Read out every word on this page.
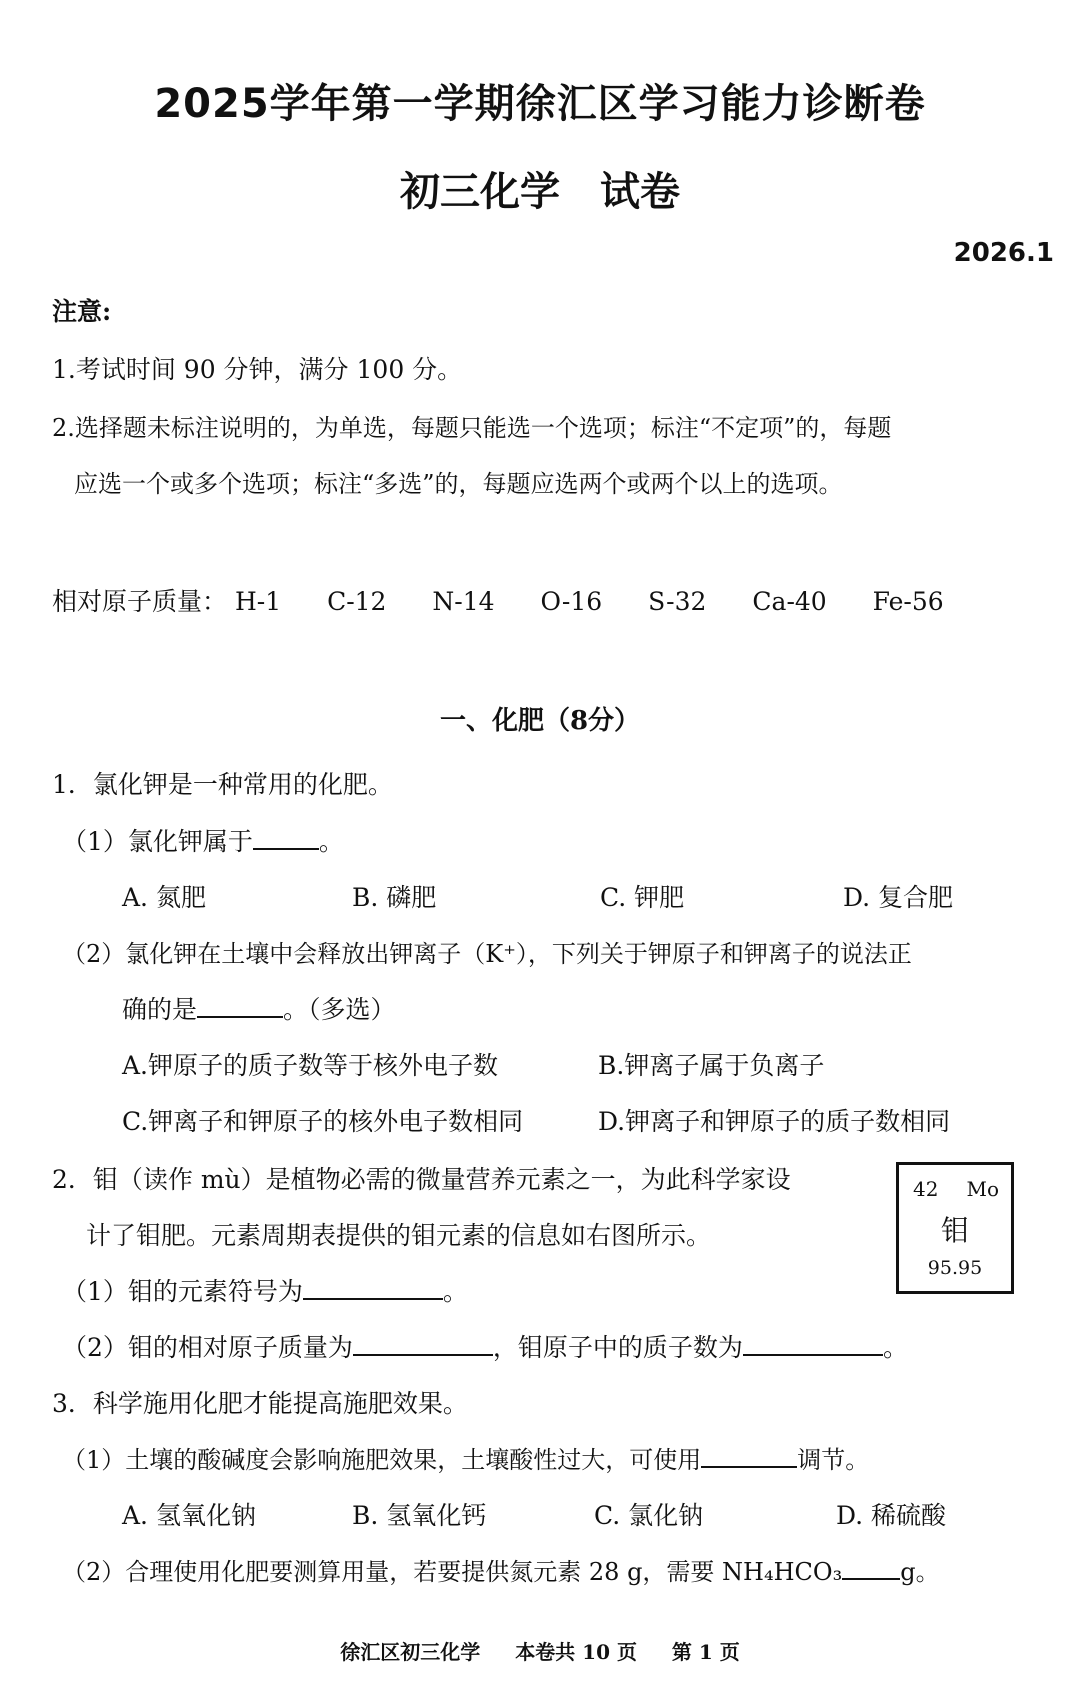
2025学年第一学期徐汇区学习能力诊断卷
初三化学　试卷
2026.1
注意:
1.考试时间 90 分钟，满分 100 分。
2.选择题未标注说明的，为单选，每题只能选一个选项；标注“不定项”的，每题
应选一个或多个选项；标注“多选”的，每题应选两个或两个以上的选项。
相对原子质量： H-1 C-12 N-14 O-16 S-32 Ca-40 Fe-56
一、化肥（8分）
1．氯化钾是一种常用的化肥。
（1）氯化钾属于	。
A. 氮肥	B. 磷肥	C. 钾肥	D. 复合肥
（2）氯化钾在土壤中会释放出钾离子（K⁺），下列关于钾原子和钾离子的说法正
确的是	。（多选）
A.钾原子的质子数等于核外电子数	B.钾离子属于负离子
C.钾离子和钾原子的核外电子数相同	D.钾离子和钾原子的质子数相同
2．钼（读作 mù）是植物必需的微量营养元素之一，为此科学家设
计了钼肥。元素周期表提供的钼元素的信息如右图所示。
42 Mo
钼
95.95
（1）钼的元素符号为	。
（2）钼的相对原子质量为	，钼原子中的质子数为	。
3．科学施用化肥才能提高施肥效果。
（1）土壤的酸碱度会影响施肥效果，土壤酸性过大，可使用	调节。
A. 氢氧化钠	B. 氢氧化钙	C. 氯化钠	D. 稀硫酸
（2）合理使用化肥要测算用量，若要提供氮元素 28 g，需要 NH₄HCO₃ g。
徐汇区初三化学 本卷共 10 页 第 1 页
